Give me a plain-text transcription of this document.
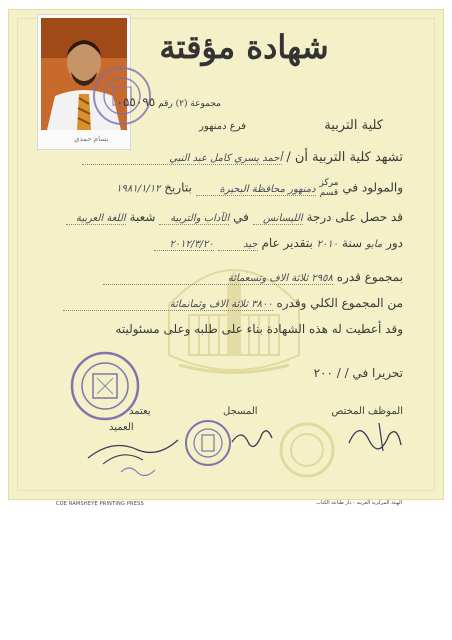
بسام حمدي
شهادة مؤقتة
مجموعة (٢) رقم ٠٥٥٠٩٥
كلية التربية  فرع دمنهور
تشهد كلية التربية أن / أحمد يسري كامل عبد النبي
والمولود في مركز
قسم دمنهور محافظة البحيرة بتاريخ ١٩٨١/١/١٢
قد حصل على درجة الليسانس في الآداب والتربية شعبة اللغة العربية
دور مايو سنة ٢٠١٠ بتقدير عام جيد ٢٠١٢/٣/٢٠
بمجموع قدره ٢٩٥٨ ثلاثة الاف وتسعمائة
من المجموع الكلي وقدره ٣٨٠٠ ثلاثة الاف وثمانمائة
وقد أعطيت له هذه الشهادة بناء على طلبه وعلى مسئوليته
تحريرا في / / ٢٠٠
الموظف المختص
المسجل
يعتمد
العميد
CDE RAMSHEYE PRINTING PRESS	الهيئة المركزية العربية - دار طباعة الكتاب
